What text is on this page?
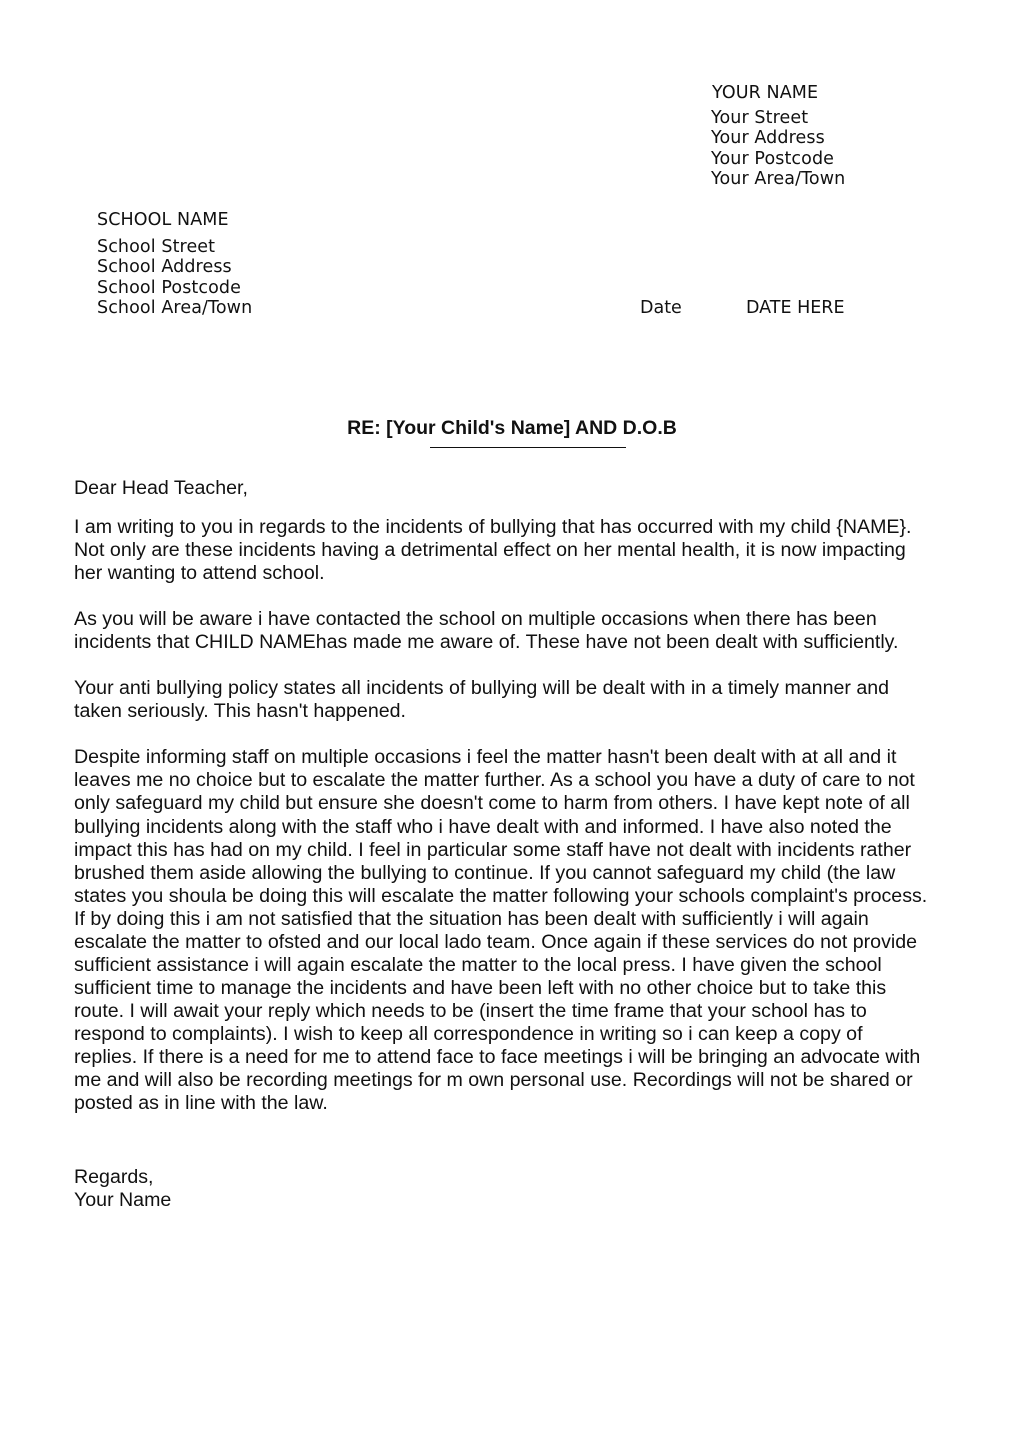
YOUR NAME
Your Street
Your Address
Your Postcode
Your Area/Town
SCHOOL NAME
School Street
School Address
School Postcode
School Area/Town	Date	DATE HERE
RE: [Your Child's Name] AND D.O.B
Dear Head Teacher,
I am writing to you in regards to the incidents of bullying that has occurred with my child {NAME}.
Not only are these incidents having a detrimental effect on her mental health, it is now impacting
her wanting to attend school.
As you will be aware i have contacted the school on multiple occasions when there has been
incidents that CHILD NAMEhas made me aware of. These have not been dealt with sufficiently.
Your anti bullying policy states all incidents of bullying will be dealt with in a timely manner and
taken seriously. This hasn't happened.
Despite informing staff on multiple occasions i feel the matter hasn't been dealt with at all and it
leaves me no choice but to escalate the matter further. As a school you have a duty of care to not
only safeguard my child but ensure she doesn't come to harm from others. I have kept note of all
bullying incidents along with the staff who i have dealt with and informed. I have also noted the
impact this has had on my child. I feel in particular some staff have not dealt with incidents rather
brushed them aside allowing the bullying to continue. If you cannot safeguard my child (the law
states you shoula be doing this will escalate the matter following your schools complaint's process.
If by doing this i am not satisfied that the situation has been dealt with sufficiently i will again
escalate the matter to ofsted and our local lado team. Once again if these services do not provide
sufficient assistance i will again escalate the matter to the local press. I have given the school
sufficient time to manage the incidents and have been left with no other choice but to take this
route. I will await your reply which needs to be (insert the time frame that your school has to
respond to complaints). I wish to keep all correspondence in writing so i can keep a copy of
replies. If there is a need for me to attend face to face meetings i will be bringing an advocate with
me and will also be recording meetings for m own personal use. Recordings will not be shared or
posted as in line with the law.
Regards,
Your Name
